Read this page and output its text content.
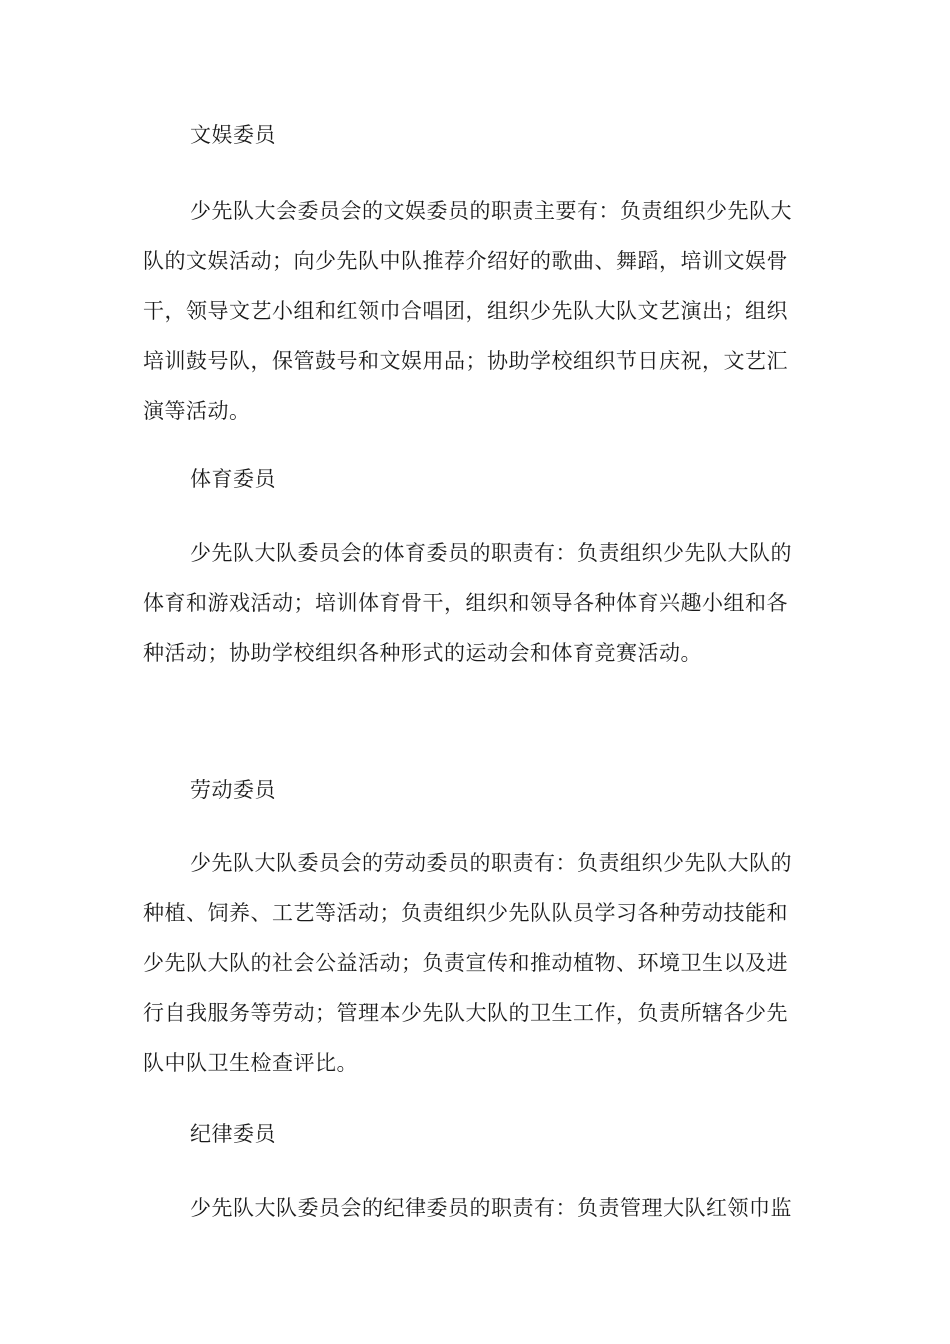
文娱委员
少先队大会委员会的文娱委员的职责主要有：负责组织少先队大
队的文娱活动；向少先队中队推荐介绍好的歌曲、舞蹈，培训文娱骨
干，领导文艺小组和红领巾合唱团，组织少先队大队文艺演出；组织
培训鼓号队，保管鼓号和文娱用品；协助学校组织节日庆祝，文艺汇
演等活动。
体育委员
少先队大队委员会的体育委员的职责有：负责组织少先队大队的
体育和游戏活动；培训体育骨干，组织和领导各种体育兴趣小组和各
种活动；协助学校组织各种形式的运动会和体育竞赛活动。
劳动委员
少先队大队委员会的劳动委员的职责有：负责组织少先队大队的
种植、饲养、工艺等活动；负责组织少先队队员学习各种劳动技能和
少先队大队的社会公益活动；负责宣传和推动植物、环境卫生以及进
行自我服务等劳动；管理本少先队大队的卫生工作，负责所辖各少先
队中队卫生检查评比。
纪律委员
少先队大队委员会的纪律委员的职责有：负责管理大队红领巾监
